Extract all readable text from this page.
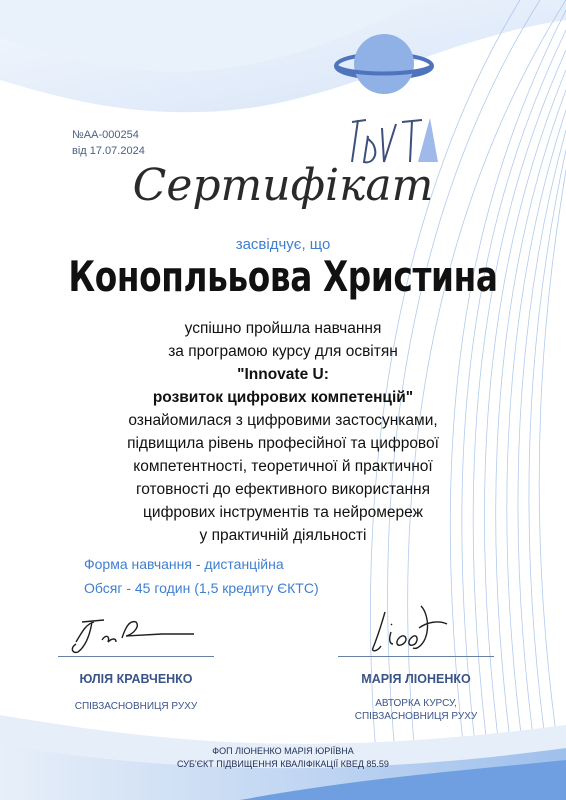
№АА-000254
від 17.07.2024
Сертифікат
засвідчує, що
Коноплььова Христина
успішно пройшла навчання
за програмою курсу для освітян
"Innovate U:
розвиток цифрових компетенцій"
ознайомилася з цифровими застосунками,
підвищила рівень професійної та цифрової
компетентності, теоретичної й практичної
готовності до ефективного використання
цифрових інструментів та нейромереж
у практичній діяльності
Форма навчання - дистанційна
Обсяг - 45 годин (1,5 кредиту ЄКТС)
ЮЛІЯ КРАВЧЕНКО
СПІВЗАСНОВНИЦЯ РУХУ
МАРІЯ ЛІОНЕНКО
АВТОРКА КУРСУ,
СПІВЗАСНОВНИЦЯ РУХУ
ФОП ЛІОНЕНКО МАРІЯ ЮРІЇВНА
СУБ'ЄКТ ПІДВИЩЕННЯ КВАЛІФІКАЦІЇ КВЕД 85.59
